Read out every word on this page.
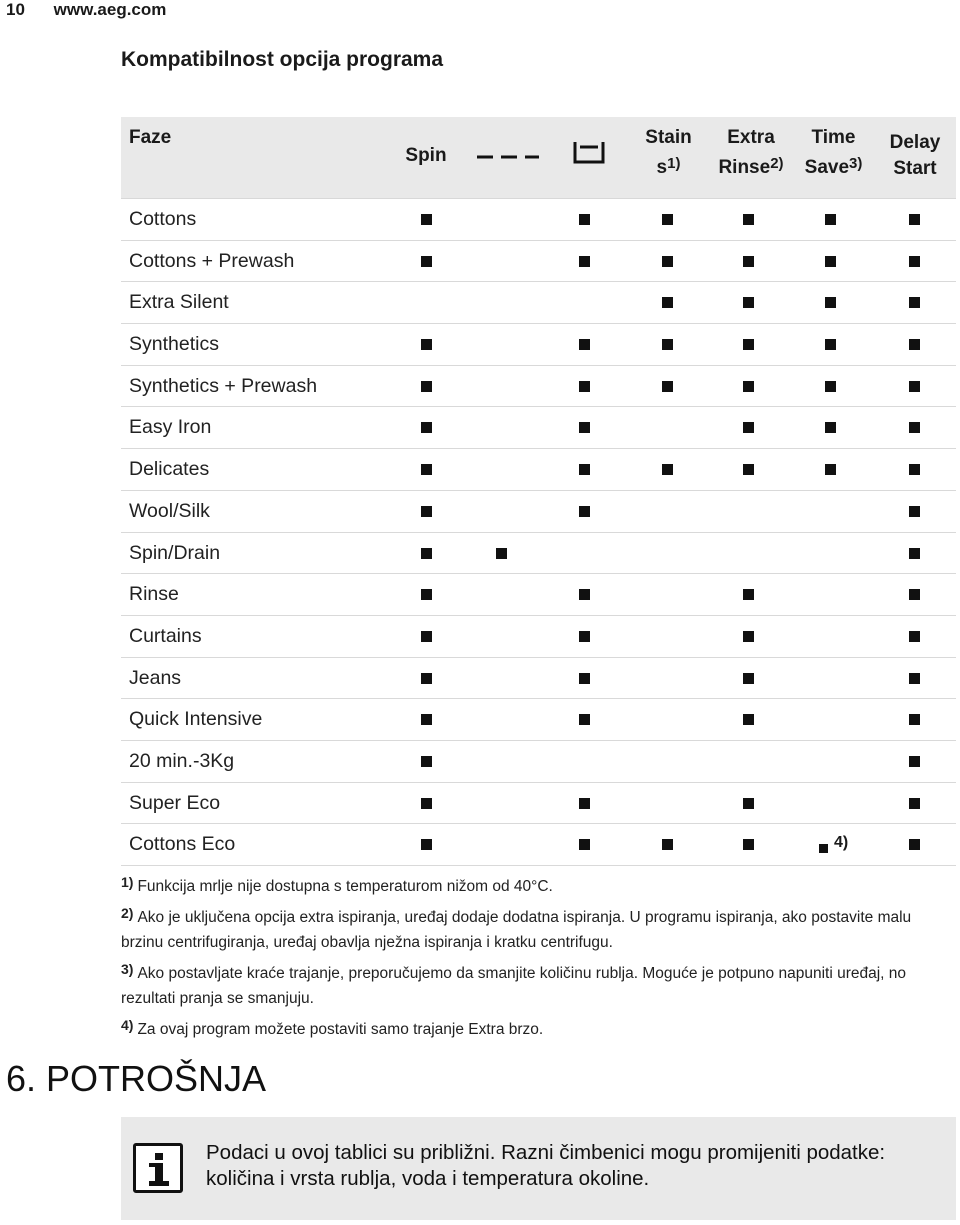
10 www.aeg.com
Kompatibilnost opcija programa
Faze
Spin
Stain
$s^{1)}$
Extra
Rinse$^{2)}$
Time
Save$^{3)}$
Delay
Start
Cottons
Cottons + Prewash
Extra Silent
Synthetics
Synthetics + Prewash
Easy Iron
Delicates
Wool/Silk
Spin/Drain
Rinse
Curtains
Jeans
Quick Intensive
20 min.-3Kg
Super Eco
Cottons Eco	4)

1) Funkcija mrlje nije dostupna s temperaturom nižom od 40°C.

2) Ako je uključena opcija extra ispiranja, uređaj dodaje dodatna ispiranja. U programu ispiranja, ako postavite malu brzinu centrifugiranja, uređaj obavlja nježna ispiranja i kratku centrifugu.

3) Ako postavljate kraće trajanje, preporučujemo da smanjite količinu rublja. Moguće je potpuno napuniti uređaj, no rezultati pranja se smanjuju.

4) Za ovaj program možete postaviti samo trajanje Extra brzo.

6. POTROŠNJA
Podaci u ovoj tablici su približni. Razni čimbenici mogu promijeniti podatke: količina i vrsta rublja, voda i temperatura okoline.
